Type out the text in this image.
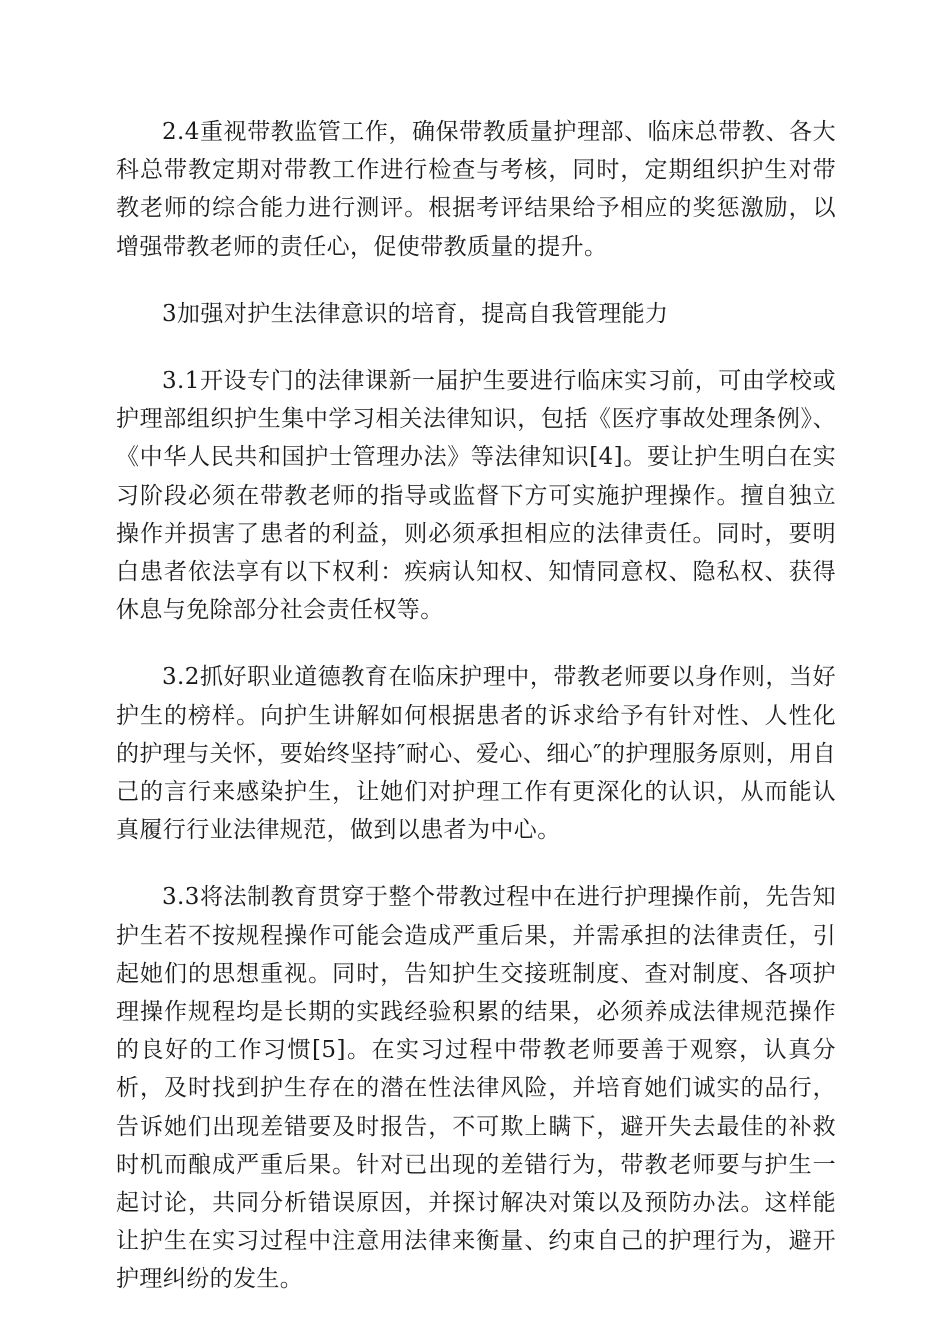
2.4重视带教监管工作，确保带教质量护理部、临床总带教、各大科总带教定期对带教工作进行检查与考核，同时，定期组织护生对带教老师的综合能力进行测评。根据考评结果给予相应的奖惩激励，以增强带教老师的责任心，促使带教质量的提升。

3加强对护生法律意识的培育，提高自我管理能力

3.1开设专门的法律课新一届护生要进行临床实习前，可由学校或护理部组织护生集中学习相关法律知识，包括《医疗事故处理条例》、《中华人民共和国护士管理办法》等法律知识[4]。要让护生明白在实习阶段必须在带教老师的指导或监督下方可实施护理操作。擅自独立操作并损害了患者的利益，则必须承担相应的法律责任。同时，要明白患者依法享有以下权利：疾病认知权、知情同意权、隐私权、获得休息与免除部分社会责任权等。

3.2抓好职业道德教育在临床护理中，带教老师要以身作则，当好护生的榜样。向护生讲解如何根据患者的诉求给予有针对性、人性化的护理与关怀，要始终坚持″耐心、爱心、细心″的护理服务原则，用自己的言行来感染护生，让她们对护理工作有更深化的认识，从而能认真履行行业法律规范，做到以患者为中心。

3.3将法制教育贯穿于整个带教过程中在进行护理操作前，先告知护生若不按规程操作可能会造成严重后果，并需承担的法律责任，引起她们的思想重视。同时，告知护生交接班制度、查对制度、各项护理操作规程均是长期的实践经验积累的结果，必须养成法律规范操作的良好的工作习惯[5]。在实习过程中带教老师要善于观察，认真分析，及时找到护生存在的潜在性法律风险，并培育她们诚实的品行，告诉她们出现差错要及时报告，不可欺上瞒下，避开失去最佳的补救时机而酿成严重后果。针对已出现的差错行为，带教老师要与护生一起讨论，共同分析错误原因，并探讨解决对策以及预防办法。这样能让护生在实习过程中注意用法律来衡量、约束自己的护理行为，避开护理纠纷的发生。
